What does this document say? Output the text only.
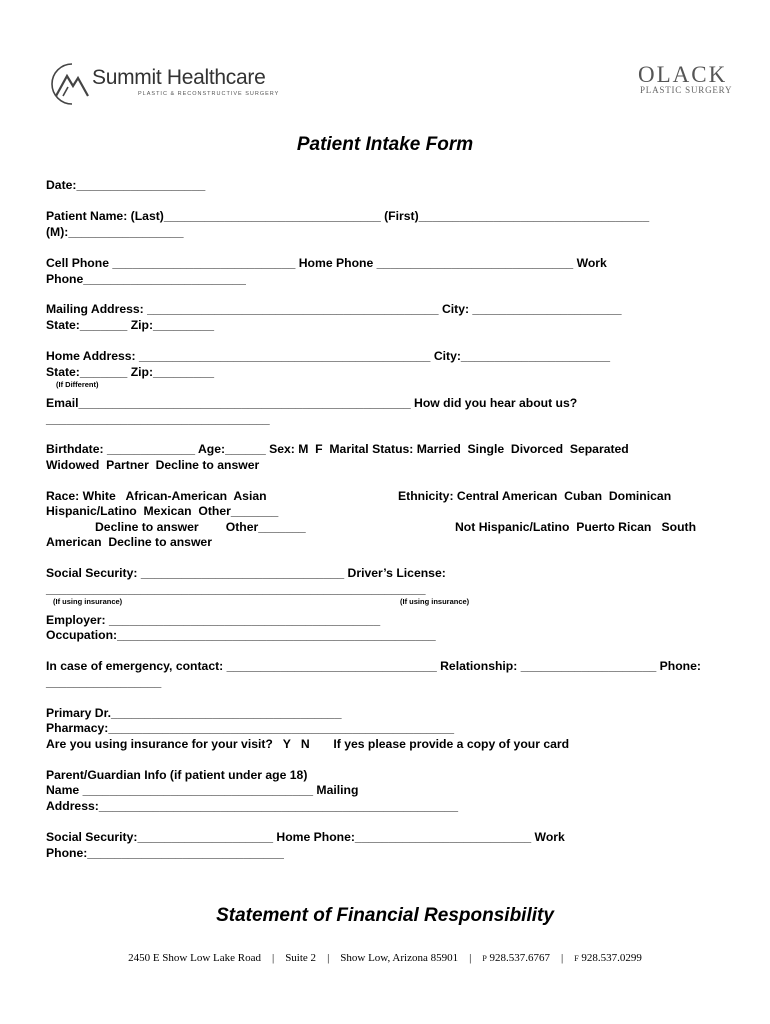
Summit Healthcare
PLASTIC & RECONSTRUCTIVE SURGERY
OLACK
PLASTIC SURGERY
Patient Intake Form
Date:___________________
Patient Name: (Last)________________________________ (First)__________________________________
(M):_________________
Cell Phone ___________________________ Home Phone _____________________________ Work
Phone________________________
Mailing Address: ___________________________________________ City: ______________________
State:_______ Zip:_________
Home Address: ___________________________________________ City:______________________
State:_______ Zip:_________
(If Different)
Email_________________________________________________ How did you hear about us?
_________________________________
Birthdate: _____________ Age:______ Sex: M  F  Marital Status: Married  Single  Divorced  Separated
Widowed  Partner  Decline to answer
Race: White   African-American  Asian	Ethnicity: Central American  Cuban  Dominican
Hispanic/Latino  Mexican  Other_______
Decline to answer        Other_______	Not Hispanic/Latino  Puerto Rican   South
American  Decline to answer
Social Security: ______________________________ Driver’s License:
________________________________________________________
(If using insurance)	(If using insurance)
Employer: ________________________________________
Occupation:_______________________________________________
In case of emergency, contact: _______________________________ Relationship: ____________________ Phone:
_________________
Primary Dr.__________________________________
Pharmacy:___________________________________________________
Are you using insurance for your visit?   Y   N       If yes please provide a copy of your card
Parent/Guardian Info (if patient under age 18)
Name __________________________________ Mailing
Address:_____________________________________________________
Social Security:____________________ Home Phone:__________________________ Work
Phone:_____________________________
Statement of Financial Responsibility
2450 E Show Low Lake Road | Suite 2 | Show Low, Arizona 85901 | P 928.537.6767 | F 928.537.0299
